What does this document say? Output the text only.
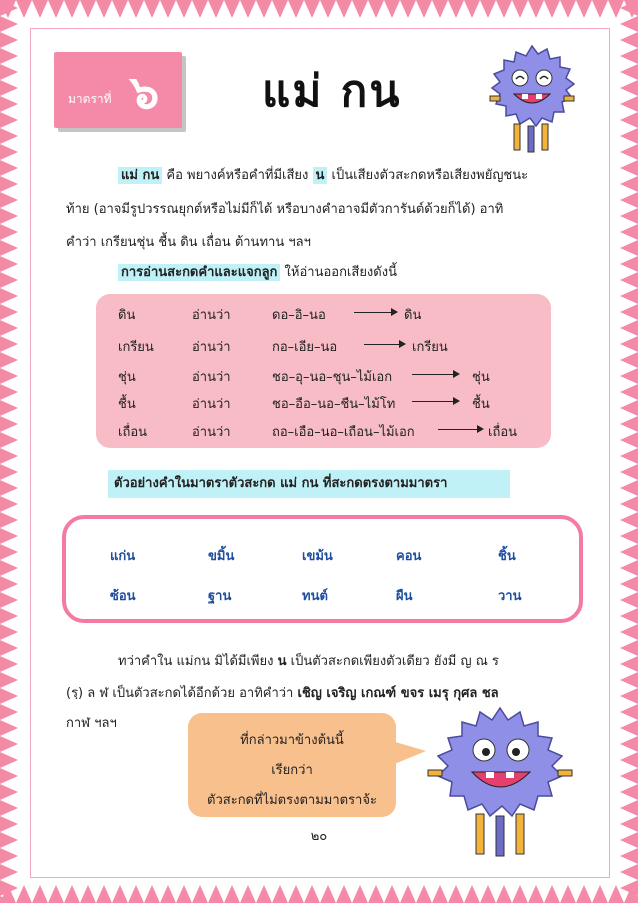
มาตราที่ ๖ แม่ กน
แม่ กน คือ พยางค์หรือคำที่มีเสียง น เป็นเสียงตัวสะกดหรือเสียงพยัญชนะ
ท้าย (อาจมีรูปวรรณยุกต์หรือไม่มีก็ได้ หรือบางคำอาจมีตัวการันต์ด้วยก็ได้) อาทิ
คำว่า เกรียนชุ่น ชื้น ดิน เถื่อน ต้านทาน ฯลฯ
การอ่านสะกดคำและแจกลูก ให้อ่านออกเสียงดังนี้
ดิน	อ่านว่า	ดอ–อิ–นอ	ดิน
เกรียน	อ่านว่า	กอ–เอีย–นอ	เกรียน
ชุ่น	อ่านว่า	ชอ–อุ–นอ–ชุน–ไม้เอก	ชุ่น
ชื้น	อ่านว่า	ชอ–อือ–นอ–ชืน–ไม้โท	ชื้น
เถื่อน	อ่านว่า	ถอ–เอือ–นอ–เถือน–ไม้เอก	เถื่อน
ตัวอย่างคำในมาตราตัวสะกด แม่ กน ที่สะกดตรงตามมาตรา
แก่น	ขมิ้น	เขม้น	คอน	ชิ้น
ซ้อน	ฐาน	ทนต์	ผืน	วาน
ทว่าคำใน แม่กน มิได้มีเพียง น เป็นตัวสะกดเพียงตัวเดียว ยังมี ญ ณ ร
(รฺ) ล ฬ เป็นตัวสะกดได้อีกด้วย อาทิคำว่า เชิญ เจริญ เกณฑ์ ขจร เมรุ กุศล ชล
กาฬ ฯลฯ
ที่กล่าวมาข้างต้นนี้
เรียกว่า
ตัวสะกดที่ไม่ตรงตามมาตราจ้ะ
๒๐
